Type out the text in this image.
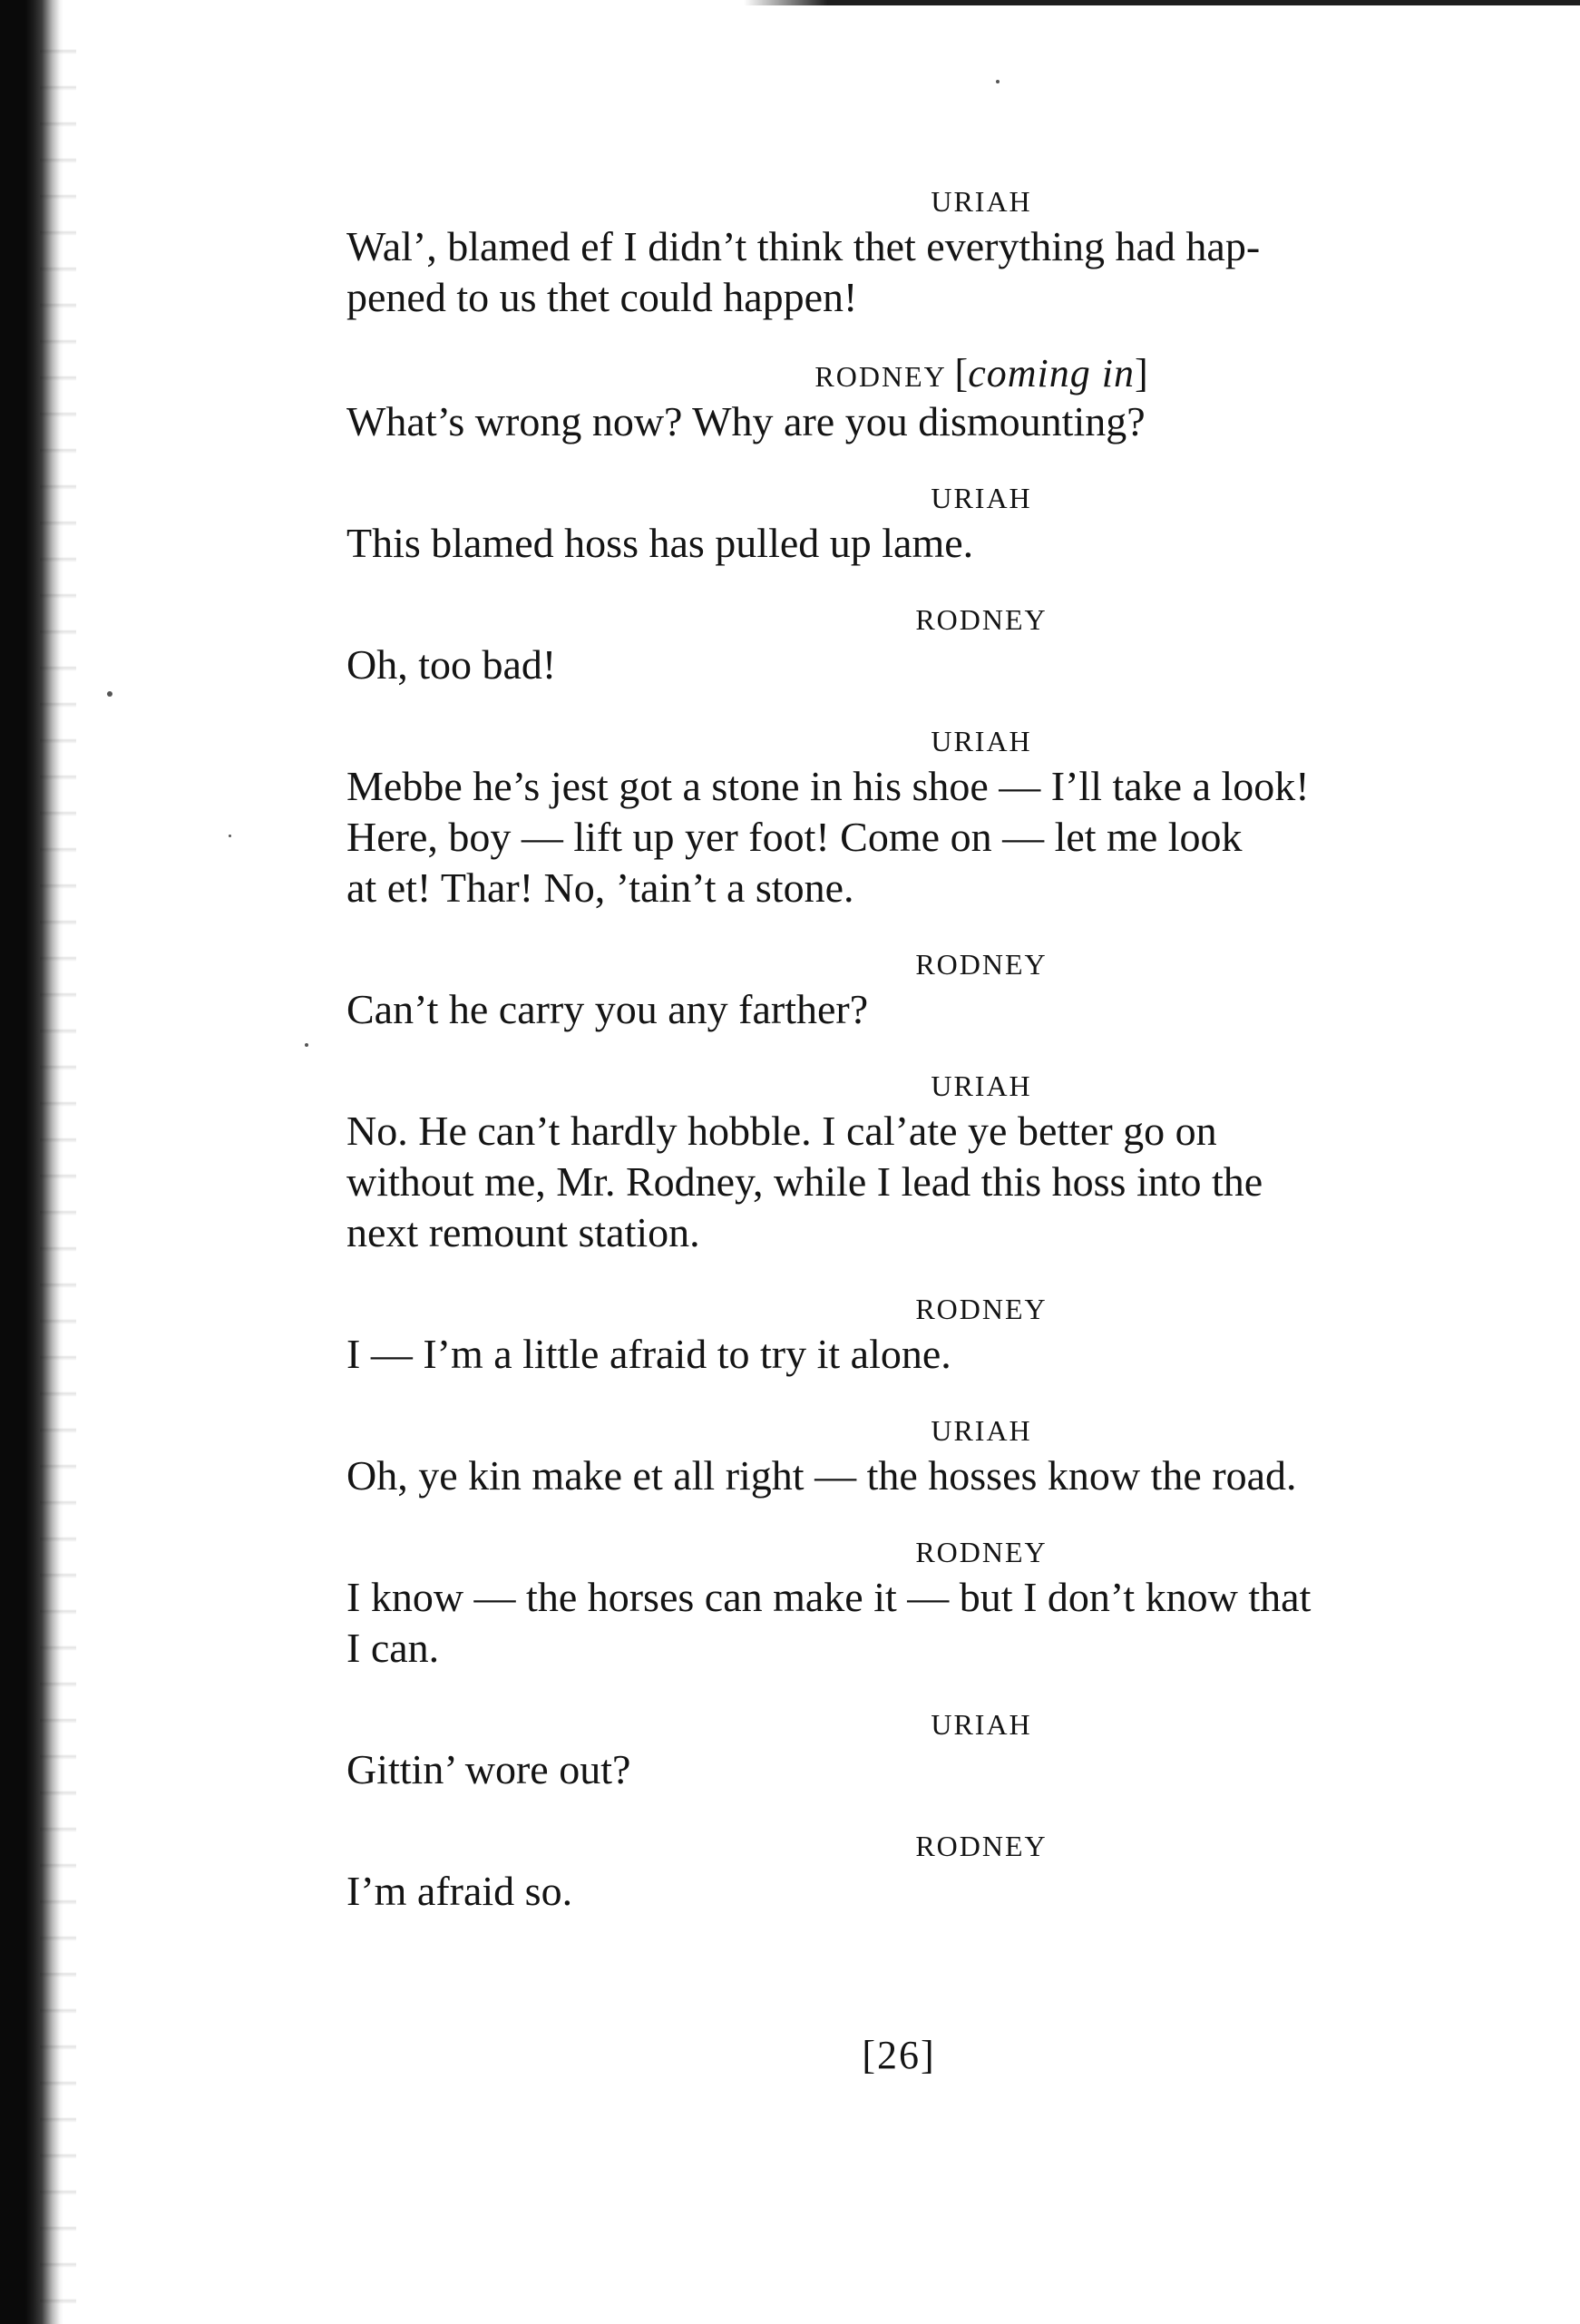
URIAH

Wal’, blamed ef I didn’t think thet everything had hap-

pened to us thet could happen!

RODNEY [coming in]

What’s wrong now? Why are you dismounting?

URIAH

This blamed hoss has pulled up lame.

RODNEY

Oh, too bad!

URIAH

Mebbe he’s jest got a stone in his shoe — I’ll take a look!

Here, boy — lift up yer foot! Come on — let me look

at et! Thar! No, ’tain’t a stone.

RODNEY

Can’t he carry you any farther?

URIAH

No. He can’t hardly hobble. I cal’ate ye better go on

without me, Mr. Rodney, while I lead this hoss into the

next remount station.

RODNEY

I — I’m a little afraid to try it alone.

URIAH

Oh, ye kin make et all right — the hosses know the road.

RODNEY

I know — the horses can make it — but I don’t know that

I can.

URIAH

Gittin’ wore out?

RODNEY

I’m afraid so.

[26]
